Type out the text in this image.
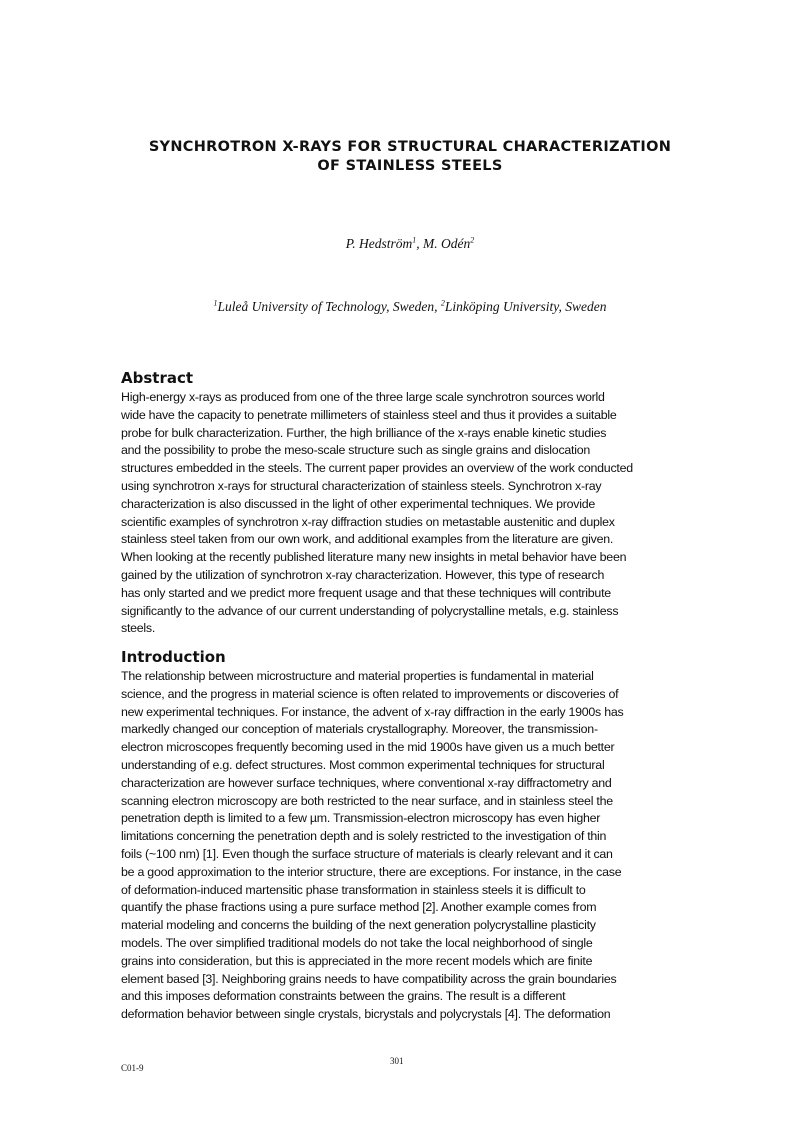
SYNCHROTRON X-RAYS FOR STRUCTURAL CHARACTERIZATION
OF STAINLESS STEELS
P. Hedström$^1$, M. Odén$^2$
$^1$Luleå University of Technology, Sweden, $^2$Linköping University, Sweden
Abstract
High-energy x-rays as produced from one of the three large scale synchrotron sources world
wide have the capacity to penetrate millimeters of stainless steel and thus it provides a suitable
probe for bulk characterization. Further, the high brilliance of the x-rays enable kinetic studies
and the possibility to probe the meso-scale structure such as single grains and dislocation
structures embedded in the steels. The current paper provides an overview of the work conducted
using synchrotron x-rays for structural characterization of stainless steels. Synchrotron x-ray
characterization is also discussed in the light of other experimental techniques. We provide
scientific examples of synchrotron x-ray diffraction studies on metastable austenitic and duplex
stainless steel taken from our own work, and additional examples from the literature are given.
When looking at the recently published literature many new insights in metal behavior have been
gained by the utilization of synchrotron x-ray characterization. However, this type of research
has only started and we predict more frequent usage and that these techniques will contribute
significantly to the advance of our current understanding of polycrystalline metals, e.g. stainless
steels.
Introduction
The relationship between microstructure and material properties is fundamental in material
science, and the progress in material science is often related to improvements or discoveries of
new experimental techniques. For instance, the advent of x-ray diffraction in the early 1900s has
markedly changed our conception of materials crystallography. Moreover, the transmission-
electron microscopes frequently becoming used in the mid 1900s have given us a much better
understanding of e.g. defect structures. Most common experimental techniques for structural
characterization are however surface techniques, where conventional x-ray diffractometry and
scanning electron microscopy are both restricted to the near surface, and in stainless steel the
penetration depth is limited to a few µm. Transmission-electron microscopy has even higher
limitations concerning the penetration depth and is solely restricted to the investigation of thin
foils (~100 nm) [1]. Even though the surface structure of materials is clearly relevant and it can
be a good approximation to the interior structure, there are exceptions. For instance, in the case
of deformation-induced martensitic phase transformation in stainless steels it is difficult to
quantify the phase fractions using a pure surface method [2]. Another example comes from
material modeling and concerns the building of the next generation polycrystalline plasticity
models. The over simplified traditional models do not take the local neighborhood of single
grains into consideration, but this is appreciated in the more recent models which are finite
element based [3]. Neighboring grains needs to have compatibility across the grain boundaries
and this imposes deformation constraints between the grains. The result is a different
deformation behavior between single crystals, bicrystals and polycrystals [4]. The deformation
C01-9
301
